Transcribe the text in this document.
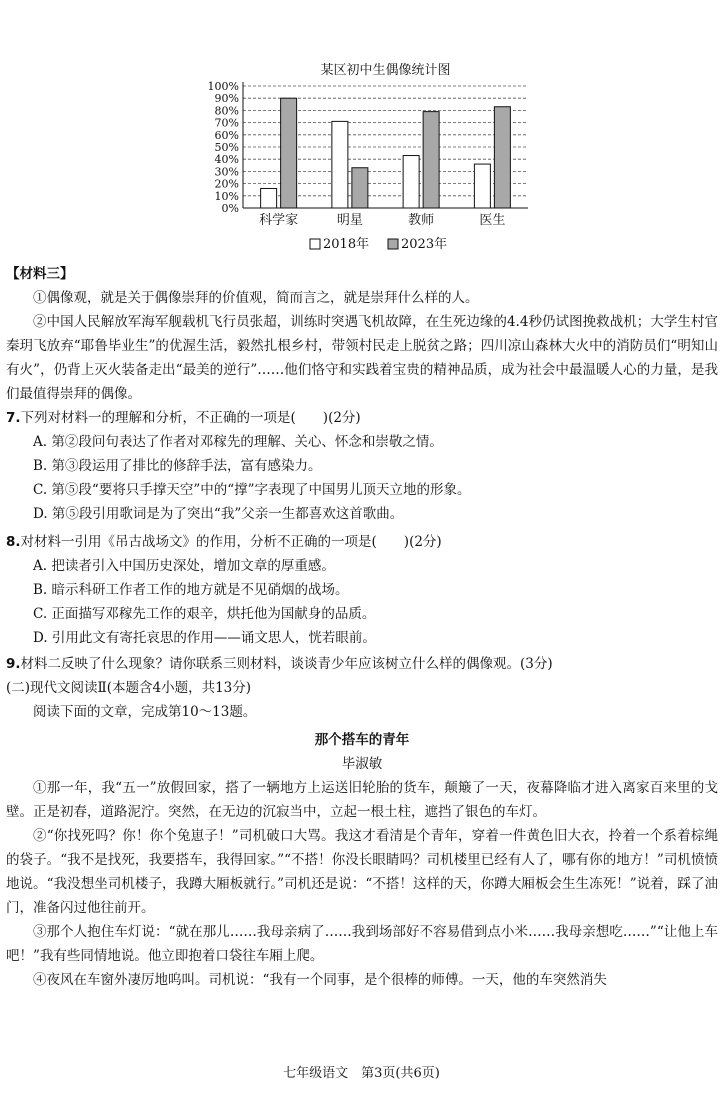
某区初中生偶像统计图
0%
10%
20%
30%
40%
50%
60%
70%
80%
90%
100%
科学家	明星	教师	医生
2018年 2023年

【材料三】

①偶像观，就是关于偶像崇拜的价值观，简而言之，就是崇拜什么样的人。

②中国人民解放军海军舰载机飞行员张超，训练时突遇飞机故障，在生死边缘的4.4秒仍试图挽救战机；大学生村官秦玥飞放弃“耶鲁毕业生”的优渥生活，毅然扎根乡村，带领村民走上脱贫之路；四川凉山森林大火中的消防员们“明知山有火”，仍背上灭火装备走出“最美的逆行”……他们恪守和实践着宝贵的精神品质，成为社会中最温暖人心的力量，是我们最值得崇拜的偶像。

7.下列对材料一的理解和分析，不正确的一项是(　　)(2分)

A. 第②段问句表达了作者对邓稼先的理解、关心、怀念和崇敬之情。

B. 第③段运用了排比的修辞手法，富有感染力。

C. 第⑤段“要将只手撑天空”中的“撑”字表现了中国男儿顶天立地的形象。

D. 第⑤段引用歌词是为了突出“我”父亲一生都喜欢这首歌曲。

8.对材料一引用《吊古战场文》的作用，分析不正确的一项是(　　)(2分)

A. 把读者引入中国历史深处，增加文章的厚重感。

B. 暗示科研工作者工作的地方就是不见硝烟的战场。

C. 正面描写邓稼先工作的艰辛，烘托他为国献身的品质。

D. 引用此文有寄托哀思的作用——诵文思人，恍若眼前。

9.材料二反映了什么现象？请你联系三则材料，谈谈青少年应该树立什么样的偶像观。(3分)

(二)现代文阅读Ⅱ(本题含4小题，共13分)

阅读下面的文章，完成第10～13题。

那个搭车的青年

毕淑敏

①那一年，我“五一”放假回家，搭了一辆地方上运送旧轮胎的货车，颠簸了一天，夜幕降临才进入离家百来里的戈壁。正是初春，道路泥泞。突然，在无边的沉寂当中，立起一根土柱，遮挡了银色的车灯。

②“你找死吗？你！你个兔崽子！”司机破口大骂。我这才看清是个青年，穿着一件黄色旧大衣，拎着一个系着棕绳的袋子。“我不是找死，我要搭车，我得回家。”“不搭！你没长眼睛吗？司机楼里已经有人了，哪有你的地方！”司机愤愤地说。“我没想坐司机楼子，我蹲大厢板就行。”司机还是说：“不搭！这样的天，你蹲大厢板会生生冻死！”说着，踩了油门，准备闪过他往前开。

③那个人抱住车灯说：“就在那儿……我母亲病了……我到场部好不容易借到点小米……我母亲想吃……”“让他上车吧！”我有些同情地说。他立即抱着口袋往车厢上爬。

④夜风在车窗外凄厉地呜叫。司机说：“我有一个同事，是个很棒的师傅。一天，他的车突然消失

七年级语文　第3页(共6页)
